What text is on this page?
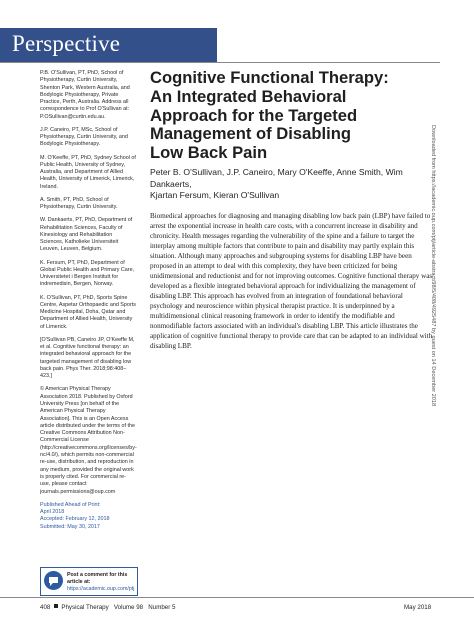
Perspective

P.B. O'Sullivan, PT, PhD, School of Physiotherapy, Curtin University, Shenton Park, Western Australia, and Bodylogic Physiotherapy, Private Practice, Perth, Australia. Address all correspondence to Prof O'Sullivan at: P.OSullivan@curtin.edu.au.

J.P. Caneiro, PT, MSc, School of Physiotherapy, Curtin University, and Bodylogic Physiotherapy.

M. O'Keeffe, PT, PhD, Sydney School of Public Health, University of Sydney, Australia, and Department of Allied Health, University of Limerick, Limerick, Ireland.

A. Smith, PT, PhD, School of Physiotherapy, Curtin University.

W. Dankaerts, PT, PhD, Department of Rehabilitation Sciences, Faculty of Kinesiology and Rehabilitation Sciences, Katholieke Universiteit Leuven, Leuven, Belgium.

K. Fersum, PT, PhD, Department of Global Public Health and Primary Care, Universitetet i Bergen Institutt for indremedisin, Bergen, Norway.

K. O'Sullivan, PT, PhD, Sports Spine Centre, Aspetar Orthopaedic and Sports Medicine Hospital, Doha, Qatar and Department of Allied Health, University of Limerick.

[O'Sullivan PB, Caneiro JP, O'Keeffe M, et al. Cognitive functional therapy: an integrated behavioral approach for the targeted management of disabling low back pain. Phys Ther. 2018;98:408–423.]

© American Physical Therapy Association 2018. Published by Oxford University Press [on behalf of the American Physical Therapy Association]. This is an Open Access article distributed under the terms of the Creative Commons Attribution Non-Commercial License (http://creativecommons.org/licenses/by-nc/4.0/), which permits non-commercial re-use, distribution, and reproduction in any medium, provided the original work is properly cited. For commercial re-use, please contact journals.permissions@oup.com

Published Ahead of Print:
April 2018
Accepted: February 12, 2018
Submitted: May 30, 2017
Post a comment for this article at:
https://academic.oup.com/ptj
Cognitive Functional Therapy:
An Integrated Behavioral
Approach for the Targeted
Management of Disabling
Low Back Pain
Peter B. O'Sullivan, J.P. Caneiro, Mary O'Keeffe, Anne Smith, Wim Dankaerts,
Kjartan Fersum, Kieran O'Sullivan
Biomedical approaches for diagnosing and managing disabling low back pain (LBP) have failed to arrest the exponential increase in health care costs, with a concurrent increase in disability and chronicity. Health messages regarding the vulnerability of the spine and a failure to target the interplay among multiple factors that contribute to pain and disability may partly explain this situation. Although many approaches and subgrouping systems for disabling LBP have been proposed in an attempt to deal with this complexity, they have been criticized for being unidimensional and reductionist and for not improving outcomes. Cognitive functional therapy was developed as a flexible integrated behavioral approach for individualizing the management of disabling LBP. This approach has evolved from an integration of foundational behavioral psychology and neuroscience within physical therapist practice. It is underpinned by a multidimensional clinical reasoning framework in order to identify the modifiable and nonmodifiable factors associated with an individual's disabling LBP. This article illustrates the application of cognitive functional therapy to provide care that can be adapted to an individual with disabling LBP.
408 Physical Therapy Volume 98 Number 5	May 2018
Downloaded from https://academic.oup.com/ptj/article-abstract/98/5/408/4925487 by guest on 14 December 2018
